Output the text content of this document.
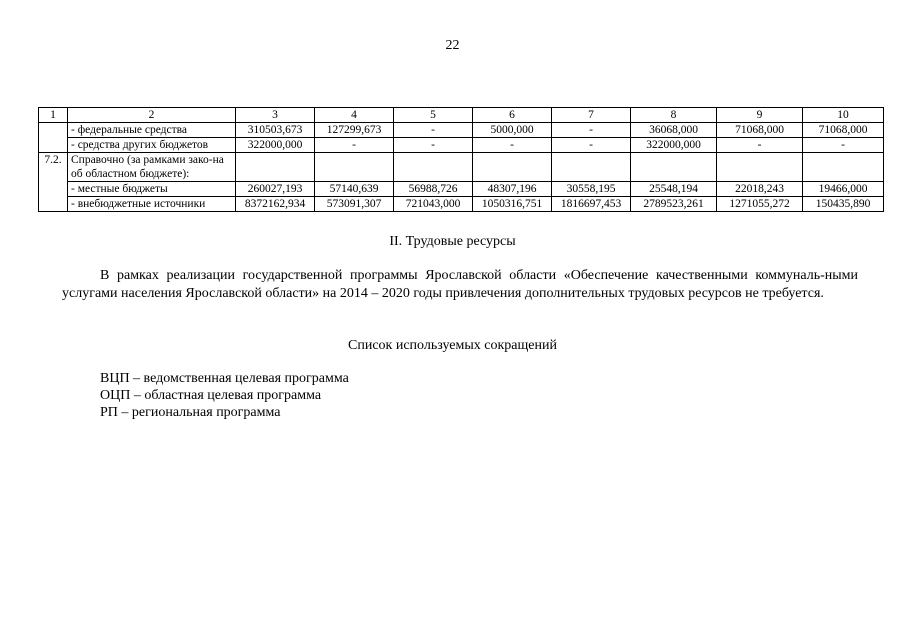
22
1	2	3	4	5	6	7	8	9	10
	- федеральные средства	310503,673	127299,673	-	5000,000	-	36068,000	71068,000	71068,000
	- средства других бюджетов	322000,000	-	-	-	-	322000,000	-	-
7.2.	Справочно (за рамками зако-на об областном бюджете):								
	- местные бюджеты	260027,193	57140,639	56988,726	48307,196	30558,195	25548,194	22018,243	19466,000
	- внебюджетные источники	8372162,934	573091,307	721043,000	1050316,751	1816697,453	2789523,261	1271055,272	150435,890
II. Трудовые ресурсы
В рамках реализации государственной программы Ярославской области «Обеспечение качественными коммуналь-ными услугами населения Ярославской области» на 2014 – 2020 годы привлечения дополнительных трудовых ресурсов не требуется.
Список используемых сокращений
ВЦП – ведомственная целевая программа
ОЦП – областная целевая программа
РП – региональная программа
